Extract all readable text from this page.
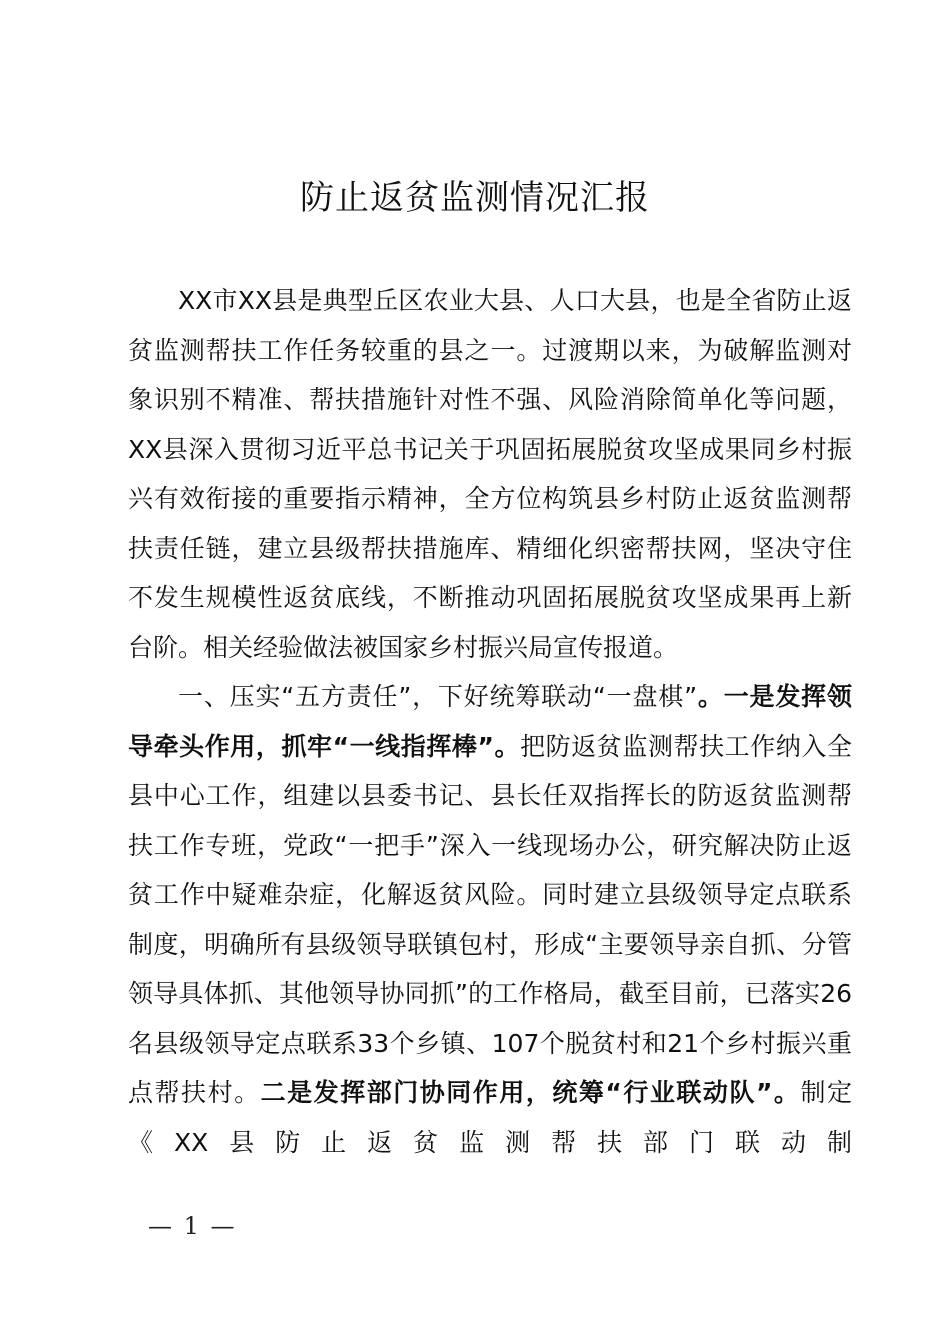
防止返贫监测情况汇报

XX市XX县是典型丘区农业大县、人口大县，也是全省防止返贫监测帮扶工作任务较重的县之一。过渡期以来，为破解监测对象识别不精准、帮扶措施针对性不强、风险消除简单化等问题，XX县深入贯彻习近平总书记关于巩固拓展脱贫攻坚成果同乡村振兴有效衔接的重要指示精神，全方位构筑县乡村防止返贫监测帮扶责任链，建立县级帮扶措施库、精细化织密帮扶网，坚决守住不发生规模性返贫底线，不断推动巩固拓展脱贫攻坚成果再上新台阶。相关经验做法被国家乡村振兴局宣传报道。

一、压实“五方责任”，下好统筹联动“一盘棋”。一是发挥领导牵头作用，抓牢“一线指挥棒”。把防返贫监测帮扶工作纳入全县中心工作，组建以县委书记、县长任双指挥长的防返贫监测帮扶工作专班，党政“一把手”深入一线现场办公，研究解决防止返贫工作中疑难杂症，化解返贫风险。同时建立县级领导定点联系制度，明确所有县级领导联镇包村，形成“主要领导亲自抓、分管领导具体抓、其他领导协同抓”的工作格局，截至目前，已落实26名县级领导定点联系33个乡镇、107个脱贫村和21个乡村振兴重点帮扶村。二是发挥部门协同作用，统筹“行业联动队”。制定《XX县防止返贫监测帮扶部门联动制

— 1 —
